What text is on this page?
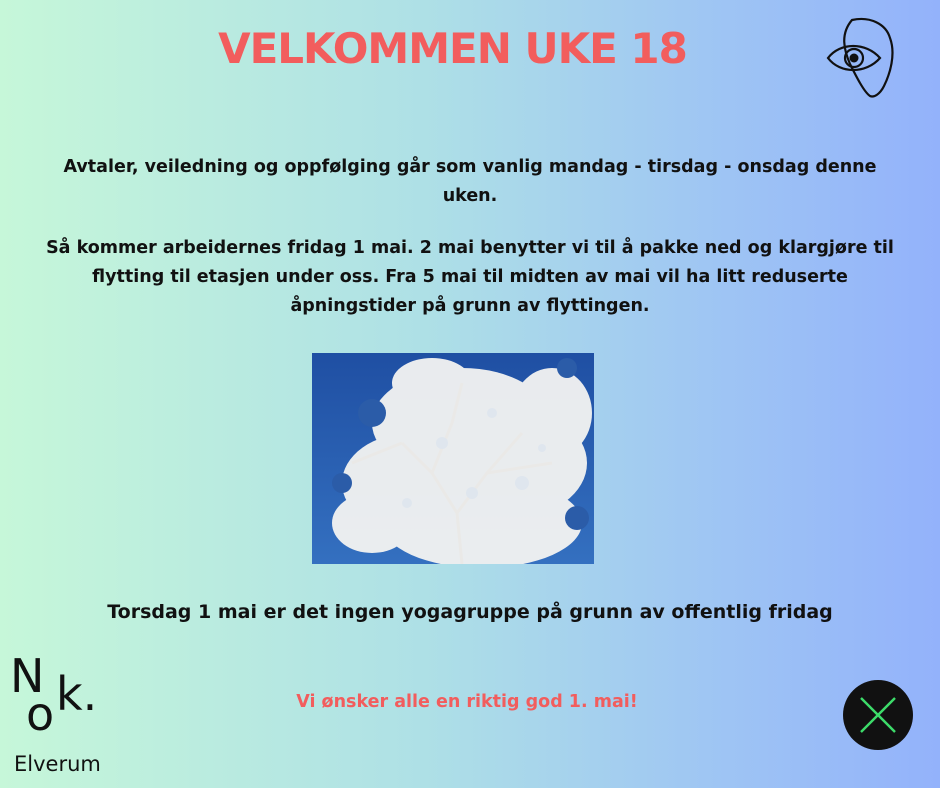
VELKOMMEN UKE 18
Avtaler, veiledning og oppfølging går som vanlig mandag - tirsdag - onsdag denne uken.
Så kommer arbeidernes fridag 1 mai. 2 mai benytter vi til å pakke ned og klargjøre til flytting til etasjen under oss. Fra 5 mai til midten av mai vil ha litt reduserte åpningstider på grunn av flyttingen.
Torsdag 1 mai er det ingen yogagruppe på grunn av offentlig fridag
Vi ønsker alle en riktig god 1. mai!
N
o k.
Elverum
